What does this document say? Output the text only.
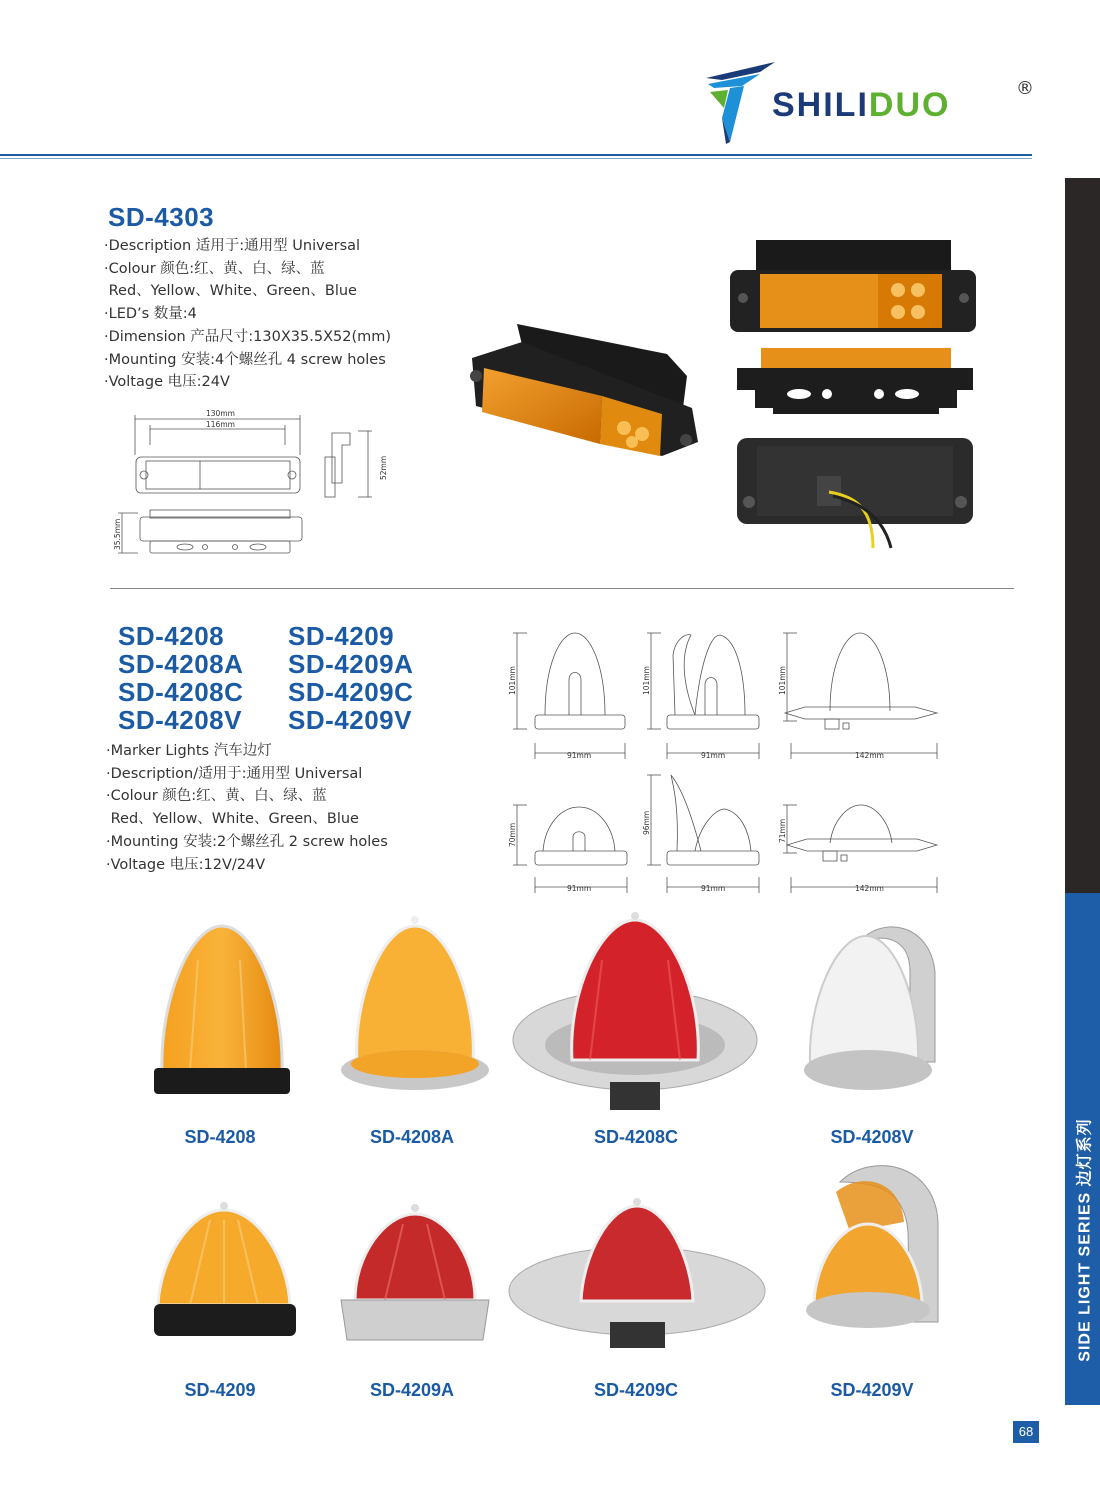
SHILIDUO	®
SIDE LIGHT SERIES 边灯系列
SD-4303
·Description 适用于:通用型 Universal
·Colour 颜色:红、黄、白、绿、蓝
Red、Yellow、White、Green、Blue
·LED’s 数量:4
·Dimension 产品尺寸:130X35.5X52(mm)
·Mounting 安装:4个螺丝孔 4 screw holes
·Voltage 电压:24V
130mm
116mm
52mm
35.5mm
SD-4208
SD-4208A
SD-4208C
SD-4208V
SD-4209
SD-4209A
SD-4209C
SD-4209V
·Marker Lights 汽车边灯
·Description/适用于:通用型 Universal
·Colour 颜色:红、黄、白、绿、蓝
Red、Yellow、White、Green、Blue
·Mounting 安装:2个螺丝孔 2 screw holes
·Voltage 电压:12V/24V
101mm
91mm
101mm
91mm
101mm
142mm
70mm
91mm
96mm
91mm
71mm
142mm
SD-4208	SD-4208A	SD-4208C	SD-4208V
SD-4209	SD-4209A	SD-4209C	SD-4209V
68
